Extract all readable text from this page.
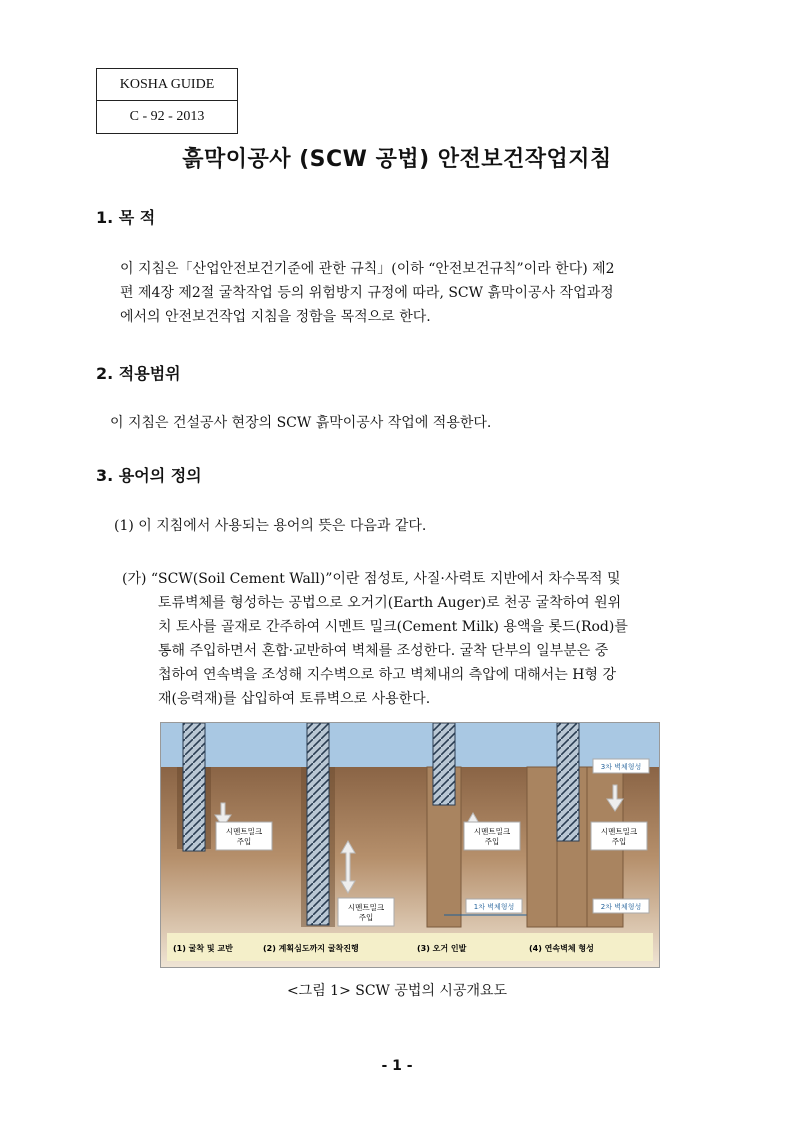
KOSHA GUIDE
C - 92 - 2013
흙막이공사 (SCW 공법) 안전보건작업지침
1. 목 적
이 지침은「산업안전보건기준에 관한 규칙」(이하 “안전보건규칙”이라 한다) 제2
편 제4장 제2절 굴착작업 등의 위험방지 규정에 따라, SCW 흙막이공사 작업과정
에서의 안전보건작업 지침을 정함을 목적으로 한다.
2. 적용범위
이 지침은 건설공사 현장의 SCW 흙막이공사 작업에 적용한다.
3. 용어의 정의
(1) 이 지침에서 사용되는 용어의 뜻은 다음과 같다.
(가) “SCW(Soil Cement Wall)”이란 점성토, 사질·사력토 지반에서 차수목적 및
토류벽체를 형성하는 공법으로 오거기(Earth Auger)로 천공 굴착하여 원위
치 토사를 골재로 간주하여 시멘트 밀크(Cement Milk) 용액을 롯드(Rod)를
통해 주입하면서 혼합·교반하여 벽체를 조성한다. 굴착 단부의 일부분은 중
첩하여 연속벽을 조성해 지수벽으로 하고 벽체내의 측압에 대해서는 H형 강
재(응력재)를 삽입하여 토류벽으로 사용한다.
시멘트밀크
주입
시멘트밀크
주입
시멘트밀크
주입
1차 벽체형성
3차 벽체형성
시멘트밀크
주입
2차 벽체형성
(1) 굴착 및 교반	(2) 계획심도까지 굴착진행	(3) 오거 인발	(4) 연속벽체 형성
<그림 1> SCW 공법의 시공개요도
- 1 -
